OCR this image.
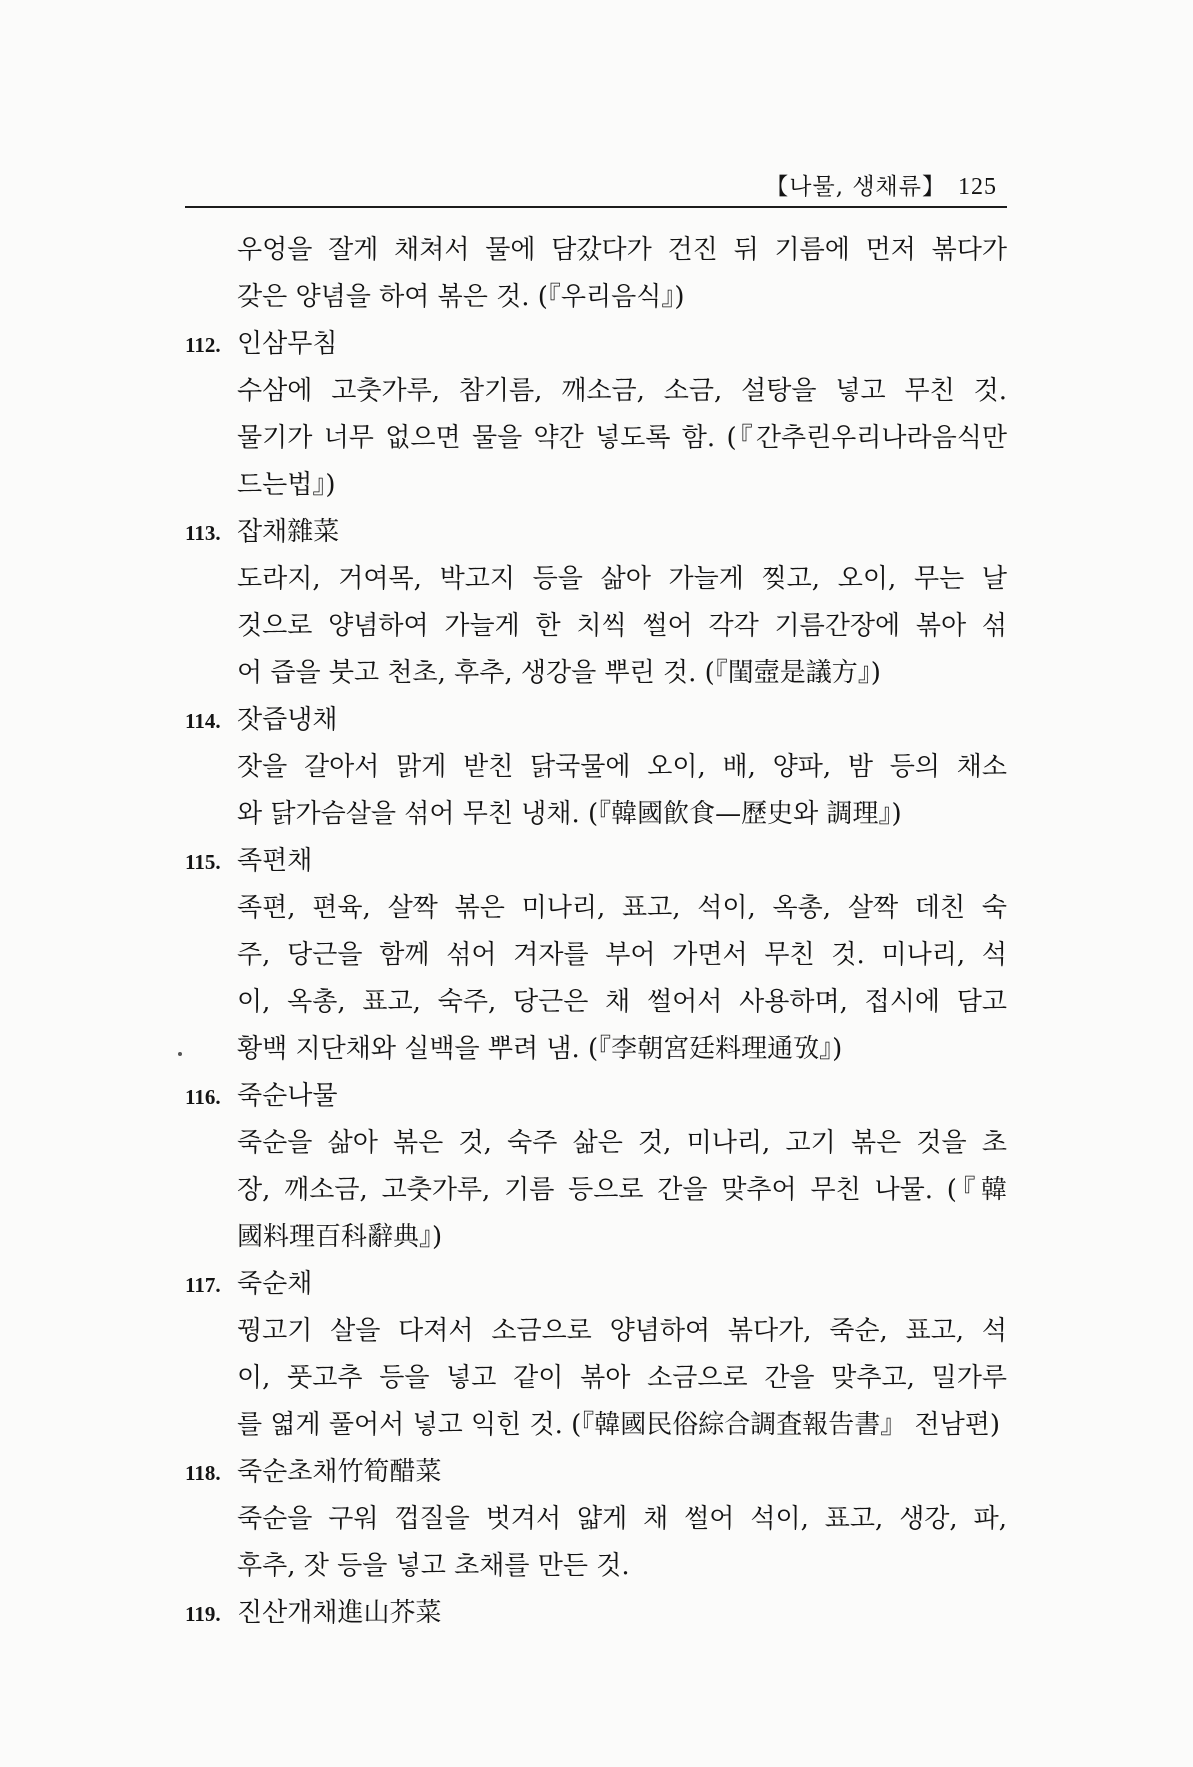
【나물, 생채류】 125
우엉을 잘게 채쳐서 물에 담갔다가 건진 뒤 기름에 먼저 볶다가
갖은 양념을 하여 볶은 것. (『우리음식』)
112. 인삼무침
수삼에 고춧가루, 참기름, 깨소금, 소금, 설탕을 넣고 무친 것.
물기가 너무 없으면 물을 약간 넣도록 함. (『간추린우리나라음식만
드는법』)
113. 잡채雜菜
도라지, 거여목, 박고지 등을 삶아 가늘게 찢고, 오이, 무는 날
것으로 양념하여 가늘게 한 치씩 썰어 각각 기름간장에 볶아 섞
어 즙을 붓고 천초, 후추, 생강을 뿌린 것. (『閨壼是議方』)
114. 잣즙냉채
잣을 갈아서 맑게 받친 닭국물에 오이, 배, 양파, 밤 등의 채소
와 닭가슴살을 섞어 무친 냉채. (『韓國飮食—歷史와 調理』)
115. 족편채
족편, 편육, 살짝 볶은 미나리, 표고, 석이, 옥총, 살짝 데친 숙
주, 당근을 함께 섞어 겨자를 부어 가면서 무친 것. 미나리, 석
이, 옥총, 표고, 숙주, 당근은 채 썰어서 사용하며, 접시에 담고
황백 지단채와 실백을 뿌려 냄. (『李朝宮廷料理通攷』)
116. 죽순나물
죽순을 삶아 볶은 것, 숙주 삶은 것, 미나리, 고기 볶은 것을 초
장, 깨소금, 고춧가루, 기름 등으로 간을 맞추어 무친 나물. (『韓
國料理百科辭典』)
117. 죽순채
꿩고기 살을 다져서 소금으로 양념하여 볶다가, 죽순, 표고, 석
이, 풋고추 등을 넣고 같이 볶아 소금으로 간을 맞추고, 밀가루
를 엷게 풀어서 넣고 익힌 것. (『韓國民俗綜合調査報告書』 전남편)
118. 죽순초채竹筍醋菜
죽순을 구워 껍질을 벗겨서 얇게 채 썰어 석이, 표고, 생강, 파,
후추, 잣 등을 넣고 초채를 만든 것.
119. 진산개채進山芥菜
